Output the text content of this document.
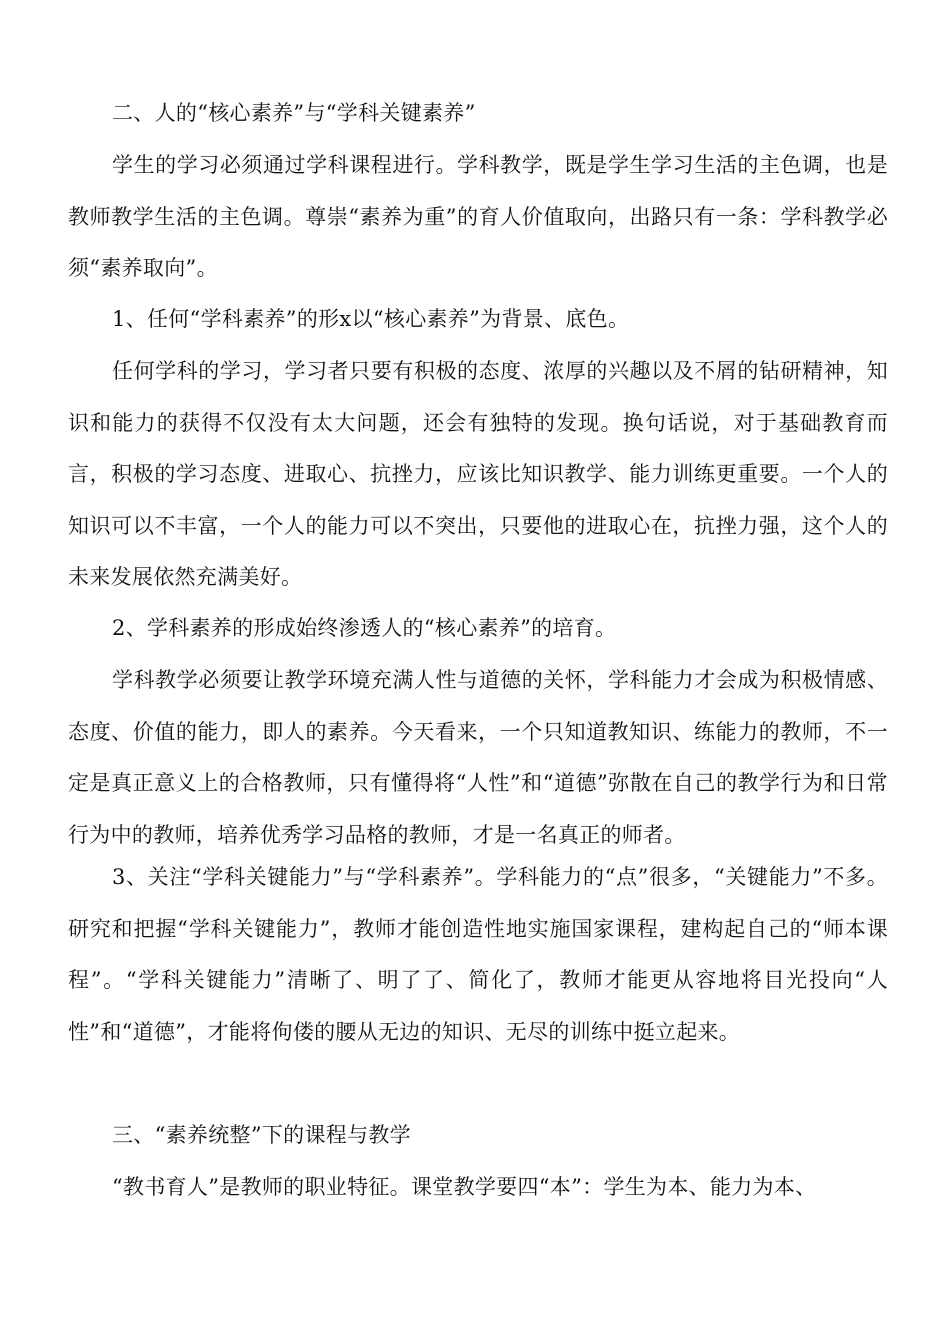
二、人的“核心素养”与“学科关键素养”

学生的学习必须通过学科课程进行。学科教学，既是学生学习生活的主色调，也是教师教学生活的主色调。尊崇“素养为重”的育人价值取向，出路只有一条：学科教学必须“素养取向”。

1、任何“学科素养”的形x以“核心素养”为背景、底色。

任何学科的学习，学习者只要有积极的态度、浓厚的兴趣以及不屑的钻研精神，知识和能力的获得不仅没有太大问题，还会有独特的发现。换句话说，对于基础教育而言，积极的学习态度、进取心、抗挫力，应该比知识教学、能力训练更重要。一个人的知识可以不丰富，一个人的能力可以不突出，只要他的进取心在，抗挫力强，这个人的未来发展依然充满美好。

2、学科素养的形成始终渗透人的“核心素养”的培育。

学科教学必须要让教学环境充满人性与道德的关怀，学科能力才会成为积极情感、态度、价值的能力，即人的素养。今天看来，一个只知道教知识、练能力的教师，不一定是真正意义上的合格教师，只有懂得将“人性”和“道德”弥散在自己的教学行为和日常行为中的教师，培养优秀学习品格的教师，才是一名真正的师者。

3、关注“学科关键能力”与“学科素养”。学科能力的“点”很多，“关键能力”不多。研究和把握“学科关键能力”，教师才能创造性地实施国家课程，建构起自己的“师本课程”。“学科关键能力”清晰了、明了了、简化了，教师才能更从容地将目光投向“人性”和“道德”，才能将佝偻的腰从无边的知识、无尽的训练中挺立起来。

三、“素养统整”下的课程与教学

“教书育人”是教师的职业特征。课堂教学要四“本”：学生为本、能力为本、
